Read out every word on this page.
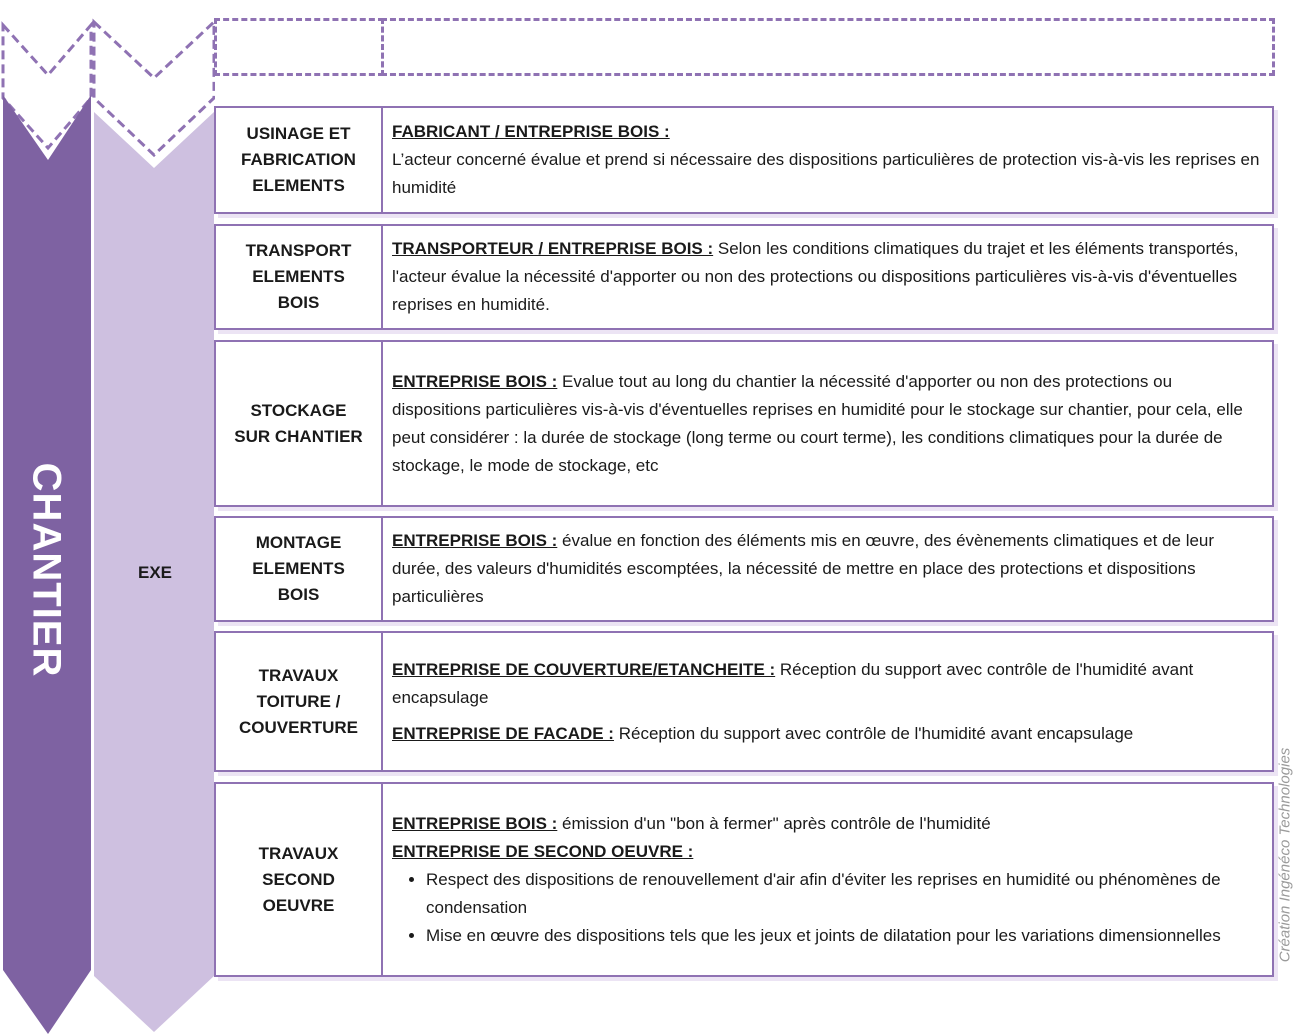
CHANTIER	EXE
USINAGE ET
FABRICATION
ELEMENTS

FABRICANT / ENTREPRISE BOIS :

L’acteur concerné évalue et prend si nécessaire des dispositions particulières de protection vis-à-vis les reprises en humidité

TRANSPORT
ELEMENTS
BOIS

TRANSPORTEUR / ENTREPRISE BOIS : Selon les conditions climatiques du trajet et les éléments transportés, l'acteur évalue la nécessité d'apporter ou non des protections ou dispositions particulières vis-à-vis d'éventuelles reprises en humidité.

STOCKAGE
SUR CHANTIER

ENTREPRISE BOIS : Evalue tout au long du chantier la nécessité d'apporter ou non des protections ou dispositions particulières vis-à-vis d'éventuelles reprises en humidité pour le stockage sur chantier, pour cela, elle peut considérer : la durée de stockage (long terme ou court terme), les conditions climatiques pour la durée de stockage, le mode de stockage, etc

MONTAGE
ELEMENTS
BOIS

ENTREPRISE BOIS : évalue en fonction des éléments mis en œuvre, des évènements climatiques et de leur durée, des valeurs d'humidités escomptées, la nécessité de mettre en place des protections et dispositions particulières

TRAVAUX
TOITURE /
COUVERTURE

ENTREPRISE DE COUVERTURE/ETANCHEITE : Réception du support avec contrôle de l'humidité avant encapsulage

ENTREPRISE DE FACADE : Réception du support avec contrôle de l'humidité avant encapsulage

TRAVAUX
SECOND
OEUVRE

ENTREPRISE BOIS : émission d'un "bon à fermer" après contrôle de l'humidité

ENTREPRISE DE SECOND OEUVRE :

• Respect des dispositions de renouvellement d'air afin d'éviter les reprises en humidité ou phénomènes de condensation
• Mise en œuvre des dispositions tels que les jeux et joints de dilatation pour les variations dimensionnelles	Création Ingénéco Technologies
